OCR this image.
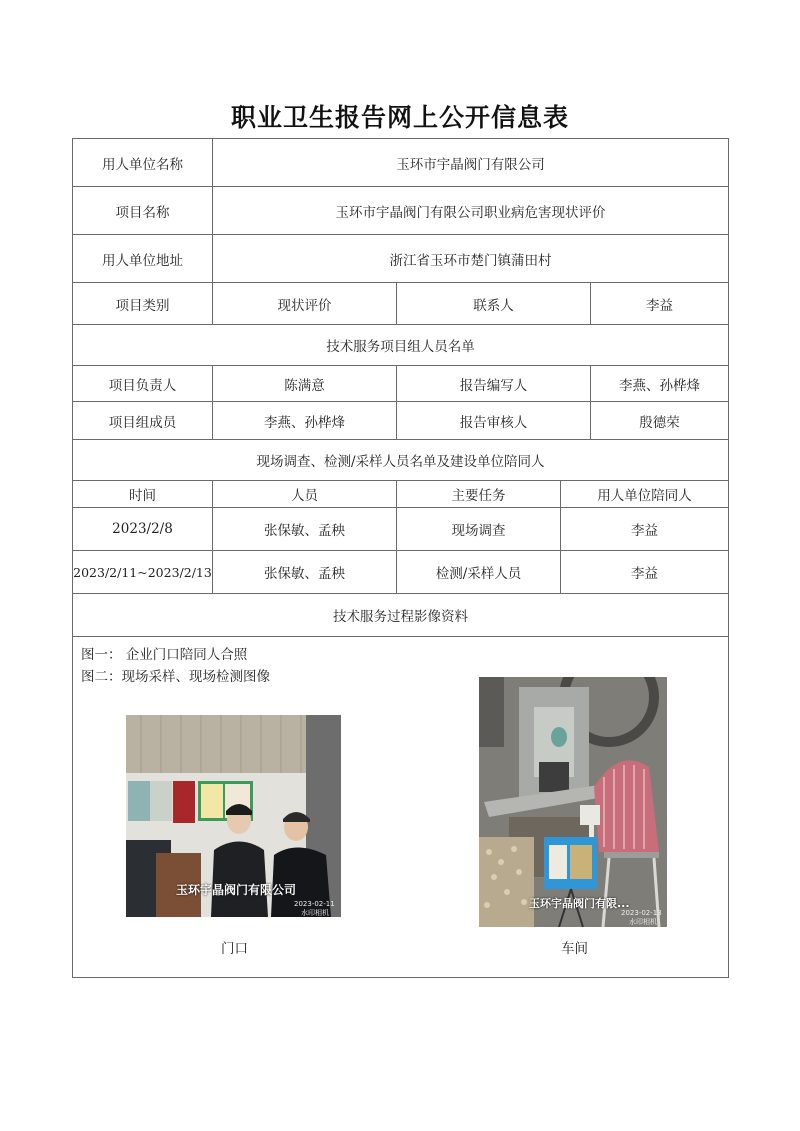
职业卫生报告网上公开信息表
用人单位名称	玉环市宇晶阀门有限公司			
项目名称	玉环市宇晶阀门有限公司职业病危害现状评价			
用人单位地址	浙江省玉环市楚门镇蒲田村			
项目类别	现状评价	联系人		李益
技术服务项目组人员名单				
项目负责人	陈满意	报告编写人		李燕、孙桦烽
项目组成员	李燕、孙桦烽	报告审核人		殷德荣
现场调查、检测/采样人员名单及建设单位陪同人				
时间	人员	主要任务	用人单位陪同人	
2023/2/8	张保敏、孟秧	现场调查	李益	
2023/2/11~2023/2/13	张保敏、孟秧	检测/采样人员	李益	
技术服务过程影像资料				

图一： 企业门口陪同人合照
图二：现场采样、现场检测图像
玉环宇晶阀门有限公司
2023-02-11
水印相机
门口
玉环宇晶阀门有限...
2023-02-13
水印相机
车间
